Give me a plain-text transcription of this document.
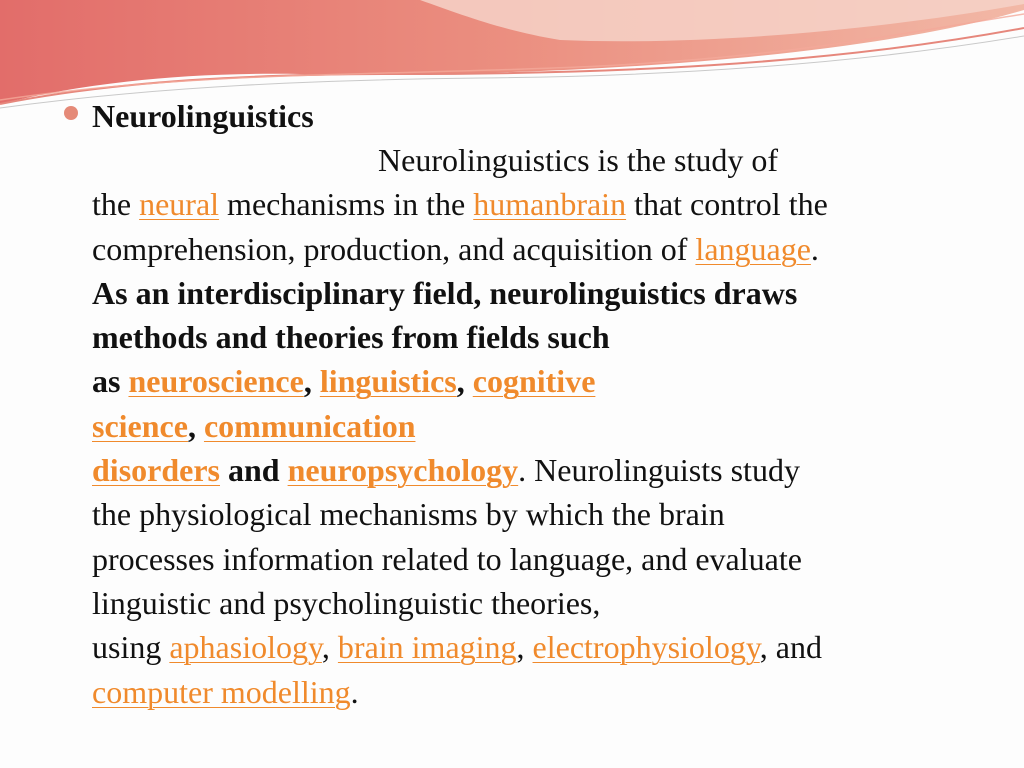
Neurolinguistics
Neurolinguistics is the study of
the neural mechanisms in the humanbrain that control the
comprehension, production, and acquisition of language.
As an interdisciplinary field, neurolinguistics draws
methods and theories from fields such
as neuroscience, linguistics, cognitive
science, communication
disorders and neuropsychology. Neurolinguists study
the physiological mechanisms by which the brain
processes information related to language, and evaluate
linguistic and psycholinguistic theories,
using aphasiology, brain imaging, electrophysiology, and
computer modelling.
